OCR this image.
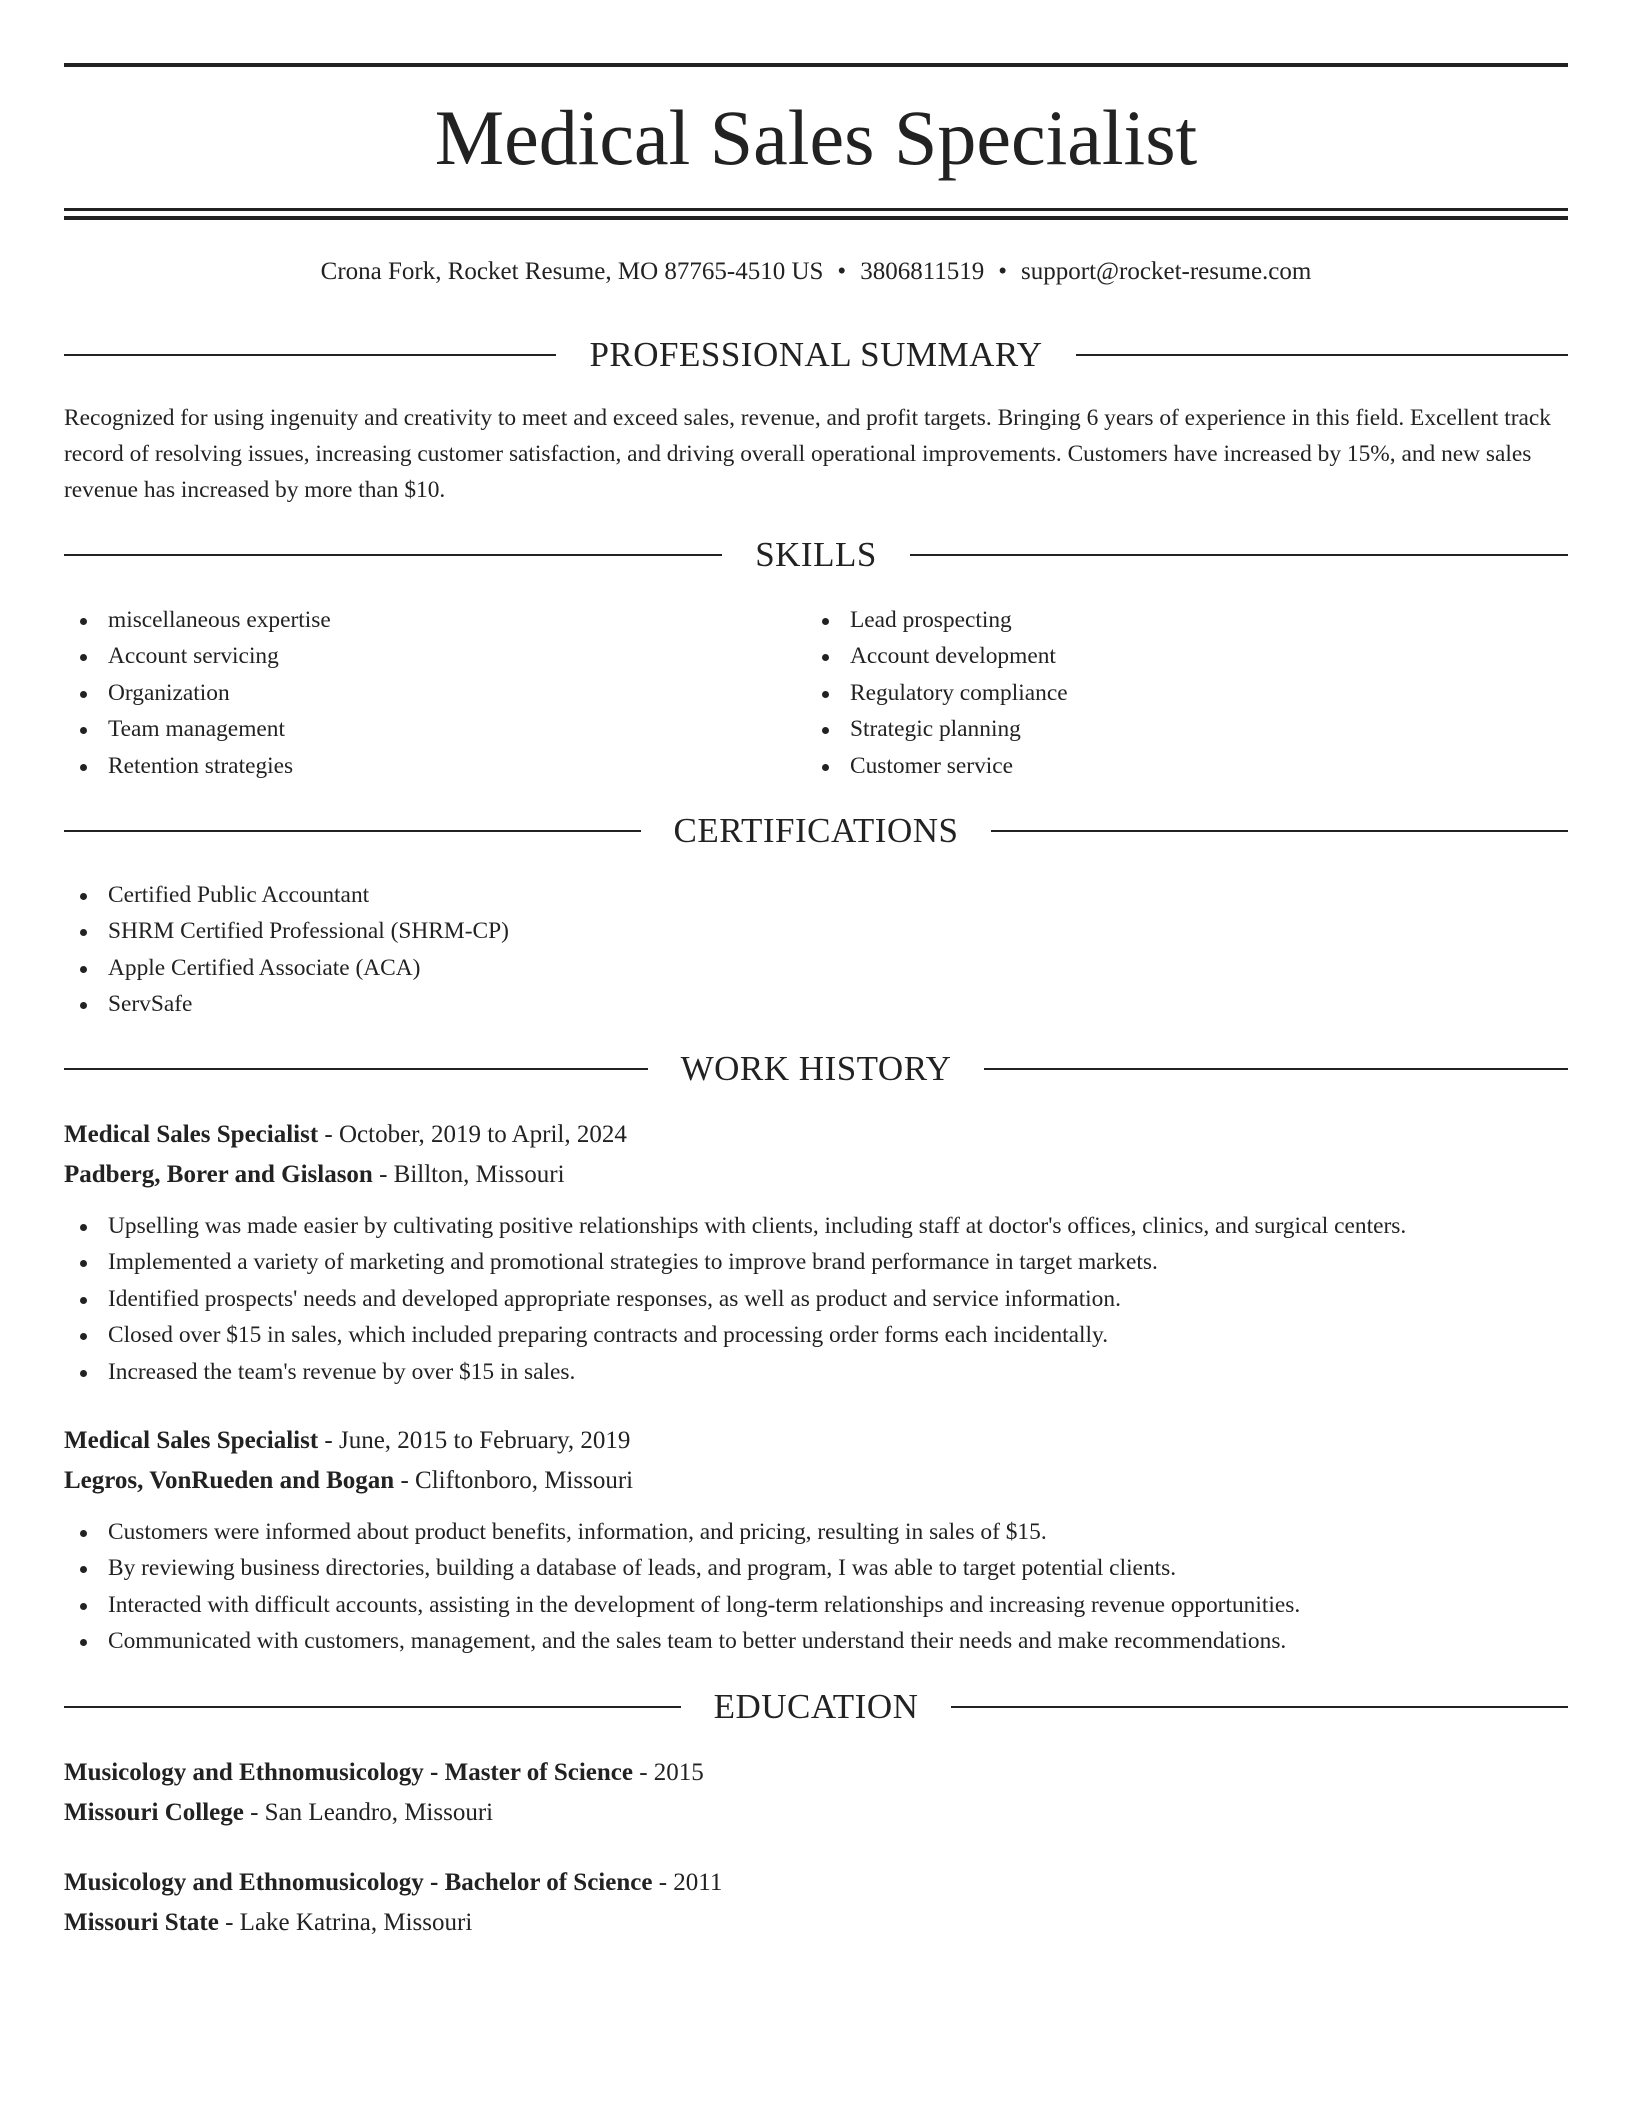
Medical Sales Specialist
Crona Fork, Rocket Resume, MO 87765-4510 US • 3806811519 • support@rocket-resume.com
PROFESSIONAL SUMMARY

Recognized for using ingenuity and creativity to meet and exceed sales, revenue, and profit targets. Bringing 6 years of experience in this field. Excellent track record of resolving issues, increasing customer satisfaction, and driving overall operational improvements. Customers have increased by 15%, and new sales revenue has increased by more than $10.

SKILLS
miscellaneous expertise
Account servicing
Organization
Team management
Retention strategies
Lead prospecting
Account development
Regulatory compliance
Strategic planning
Customer service
CERTIFICATIONS
Certified Public Accountant
SHRM Certified Professional (SHRM-CP)
Apple Certified Associate (ACA)
ServSafe
WORK HISTORY
Medical Sales Specialist - October, 2019 to April, 2024
Padberg, Borer and Gislason - Billton, Missouri
Upselling was made easier by cultivating positive relationships with clients, including staff at doctor's offices, clinics, and surgical centers.
Implemented a variety of marketing and promotional strategies to improve brand performance in target markets.
Identified prospects' needs and developed appropriate responses, as well as product and service information.
Closed over $15 in sales, which included preparing contracts and processing order forms each incidentally.
Increased the team's revenue by over $15 in sales.
Medical Sales Specialist - June, 2015 to February, 2019
Legros, VonRueden and Bogan - Cliftonboro, Missouri
Customers were informed about product benefits, information, and pricing, resulting in sales of $15.
By reviewing business directories, building a database of leads, and program, I was able to target potential clients.
Interacted with difficult accounts, assisting in the development of long-term relationships and increasing revenue opportunities.
Communicated with customers, management, and the sales team to better understand their needs and make recommendations.
EDUCATION
Musicology and Ethnomusicology - Master of Science - 2015
Missouri College - San Leandro, Missouri
Musicology and Ethnomusicology - Bachelor of Science - 2011
Missouri State - Lake Katrina, Missouri
